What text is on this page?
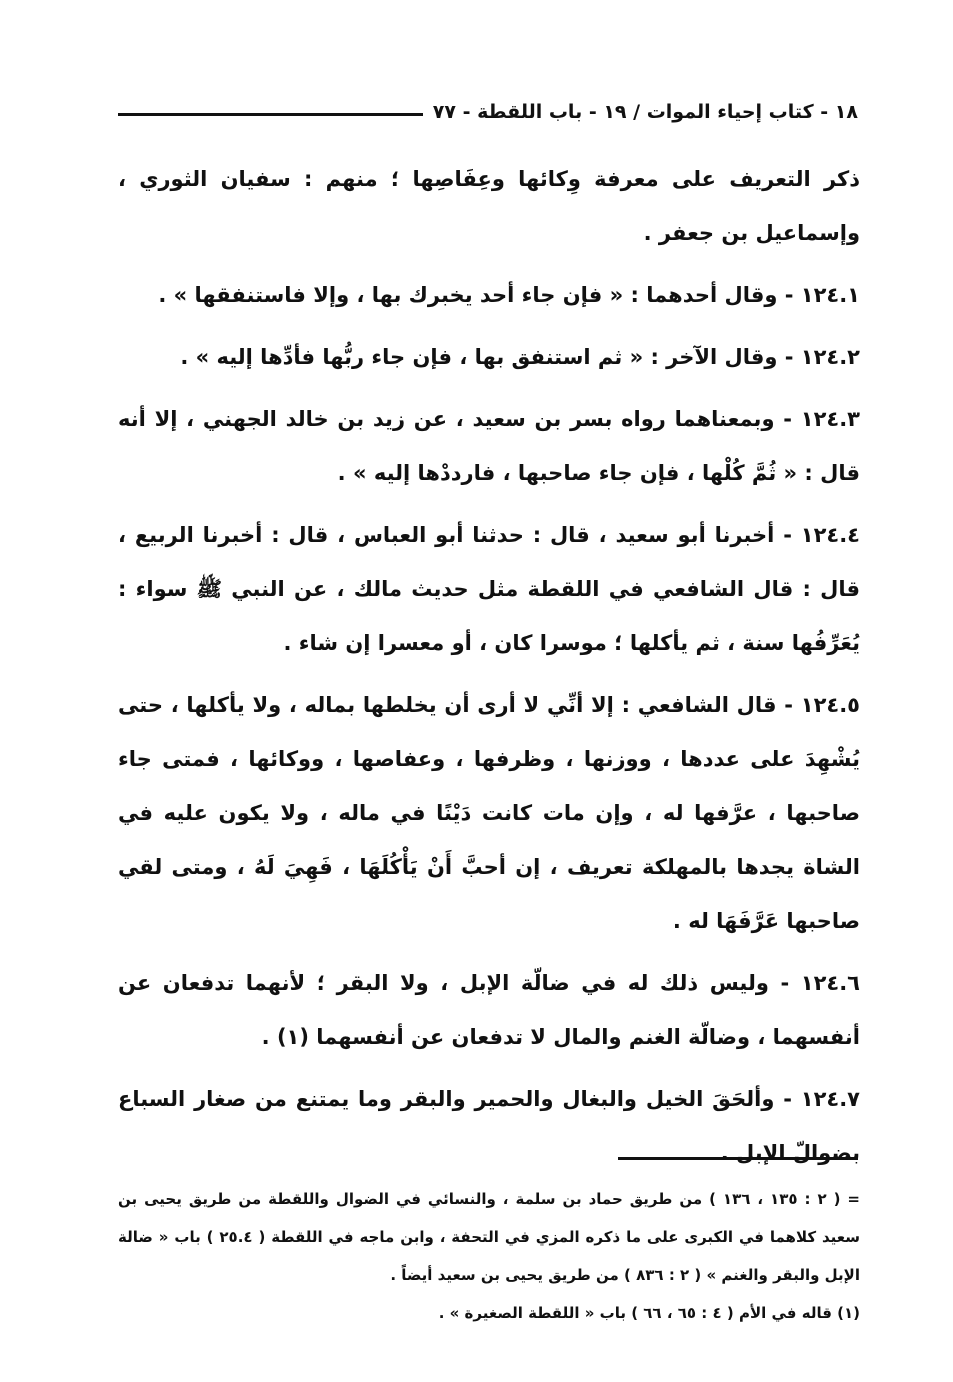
١٨ - كتاب إحياء الموات / ١٩ - باب اللقطة - ٧٧

ذكر التعريف على معرفة وِكائها وعِفَاصِها ؛ منهم : سفيان الثوري ، وإسماعيل بن جعفر .

١٢٤.١ - وقال أحدهما : « فإن جاء أحد يخبرك بها ، وإلا فاستنفقها » .

١٢٤.٢ - وقال الآخر : « ثم استنفق بها ، فإن جاء ربُّها فأدِّها إليه » .

١٢٤.٣ - وبمعناهما رواه بسر بن سعيد ، عن زيد بن خالد الجهني ، إلا أنه قال : « ثُمَّ كُلْها ، فإن جاء صاحبها ، فارددْها إليه » .

١٢٤.٤ - أخبرنا أبو سعيد ، قال : حدثنا أبو العباس ، قال : أخبرنا الربيع ، قال : قال الشافعي في اللقطة مثل حديث مالك ، عن النبي ﷺ سواء : يُعَرِّفُها سنة ، ثم يأكلها ؛ موسرا كان ، أو معسرا إن شاء .

١٢٤.٥ - قال الشافعي : إلا أنِّي لا أرى أن يخلطها بماله ، ولا يأكلها ، حتى يُشْهِدَ على عددها ، ووزنها ، وظرفها ، وعفاصها ، ووكائها ، فمتى جاء صاحبها ، عرَّفها له ، وإن مات كانت دَيْنًا في ماله ، ولا يكون عليه في الشاة يجدها بالمهلكة تعريف ، إن أحبَّ أَنْ يَأْكُلَهَا ، فَهِيَ لَهُ ، ومتى لقي صاحبها عَرَّفَهَا له .

١٢٤.٦ - وليس ذلك له في ضالّة الإبل ، ولا البقر ؛ لأنهما تدفعان عن أنفسهما ، وضالّة الغنم والمال لا تدفعان عن أنفسهما (١) .

١٢٤.٧ - وألحَقَ الخيل والبغال والحمير والبقر وما يمتنع من صغار السباع بضوالّ الإبل .

= ( ٢ : ١٣٥ ، ١٣٦ ) من طريق حماد بن سلمة ، والنسائي في الضوال واللقطة من طريق يحيى بن سعيد كلاهما في الكبرى على ما ذكره المزي في التحفة ، وابن ماجه في اللقطة ( ٢٥.٤ ) باب « ضالة الإبل والبقر والغنم » ( ٢ : ٨٣٦ ) من طريق يحيى بن سعيد أيضاً .

(١) قاله في الأم ( ٤ : ٦٥ ، ٦٦ ) باب « اللقطة الصغيرة » .
